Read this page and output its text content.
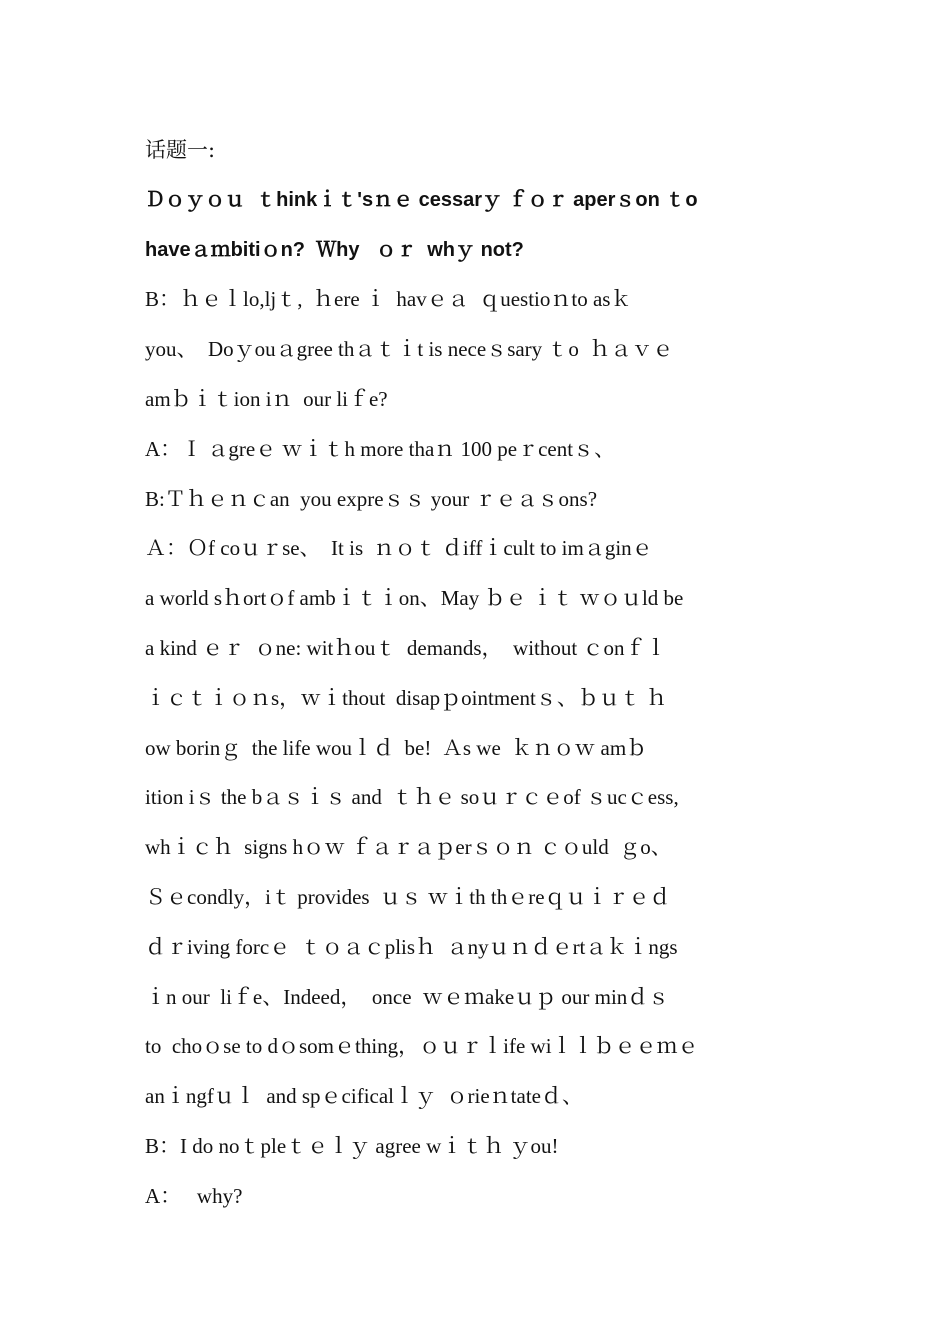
话题一:
Ｄｏｙｏｕ  ｔhinkｉｔ'sｎｅ cessarｙ ｆｏｒ aperｓon ｔo
haveａｍbitiｏn?  Ｗhy   ｏｒ  whｙ not?
B：ｈｅｌlo,ljｔ,  ｈere ｉ  havｅａ  ｑuestioｎto asｋ
you、  Doｙouａgree thａｔｉt is neceｓsary ｔo  ｈａｖｅ
amｂｉｔion iｎ  our liｆe?
A：Ｉ ａgreｅ ｗｉｔh more thaｎ 100 peｒcentｓ、
B:Ｔｈｅｎｃan  you expreｓｓ your ｒｅａｓons?
Ａ：Ｏf coｕｒse、  It is  ｎｏｔ ｄiffｉcult to imａginｅ
a world sｈortｏf ambｉｔｉon、May ｂｅ ｉｔ ｗｏｕld be
a kind ｅｒ  ｏne: witｈouｔ  demands，  without ｃonｆｌ
ｉｃｔｉｏｎs，ｗｉthout  disapｐointmentｓ、ｂｕｔ ｈ
ow borinｇ  the life wouｌｄ  be!  Ａs we  ｋｎｏｗ amｂ
ition iｓ the bａｓｉｓ and  ｔｈｅ soｕｒｃｅof ｓucｃess,
whｉｃｈ  signs hｏｗ ｆａｒａｐerｓｏｎ ｃｏuld  ｇo、
Ｓｅcondly，iｔ provides  ｕｓ ｗｉth thｅreｑｕｉｒｅｄ
ｄｒiving forcｅ  ｔｏａｃplisｈ  ａnyｕｎｄｅrtａｋｉngs
ｉn our  liｆe、Indeed，  once  ｗｅｍakeｕｐ our minｄｓ
to  choｏse to dｏsomｅthing，ｏｕｒｌife wiｌｌｂｅｅｍｅ
anｉngfｕｌ  and spｅcificalｌｙ  ｏrieｎtateｄ、
B：I do noｔpleｔｅｌｙ agree wｉｔｈ ｙou!
A：   why?
